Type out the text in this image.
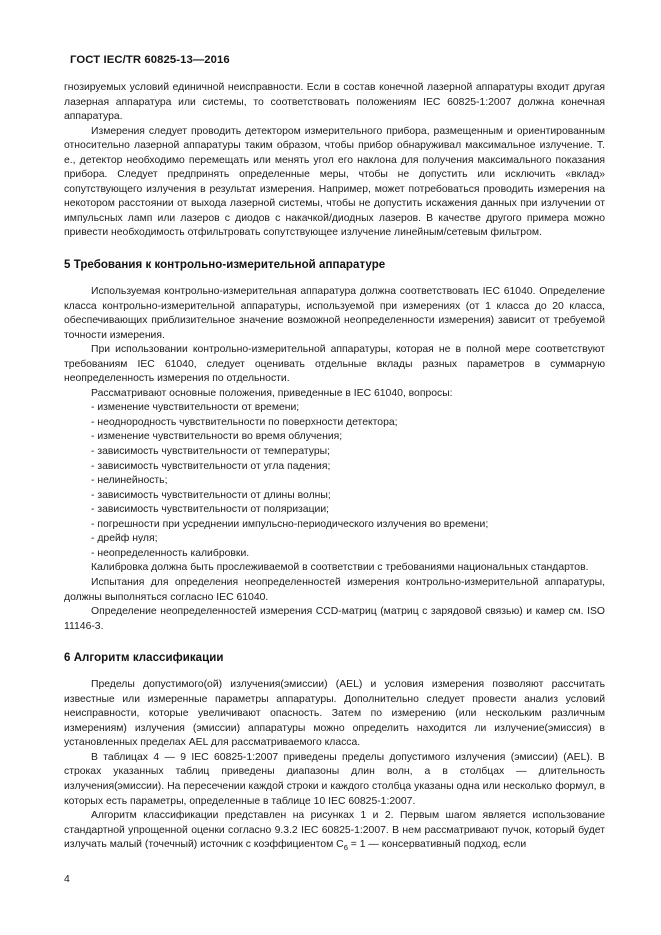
ГОСТ IEC/TR 60825-13—2016

гнозируемых условий единичной неисправности. Если в состав конечной лазерной аппаратуры входит другая лазерная аппаратура или системы, то соответствовать положениям IEC 60825-1:2007 должна конечная аппаратура.

Измерения следует проводить детектором измерительного прибора, размещенным и ориентированным относительно лазерной аппаратуры таким образом, чтобы прибор обнаруживал максимальное излучение. Т. е., детектор необходимо перемещать или менять угол его наклона для получения максимального показания прибора. Следует предпринять определенные меры, чтобы не допустить или исключить «вклад» сопутствующего излучения в результат измерения. Например, может потребоваться проводить измерения на некотором расстоянии от выхода лазерной системы, чтобы не допустить искажения данных при излучении от импульсных ламп или лазеров с диодов с накачкой/диодных лазеров. В качестве другого примера можно привести необходимость отфильтровать сопутствующее излучение линейным/сетевым фильтром.

5 Требования к контрольно-измерительной аппаратуре

Используемая контрольно-измерительная аппаратура должна соответствовать IEC 61040. Определение класса контрольно-измерительной аппаратуры, используемой при измерениях (от 1 класса до 20 класса, обеспечивающих приблизительное значение возможной неопределенности измерения) зависит от требуемой точности измерения.

При использовании контрольно-измерительной аппаратуры, которая не в полной мере соответствуют требованиям IEC 61040, следует оценивать отдельные вклады разных параметров в суммарную неопределенность измерения по отдельности.

Рассматривают основные положения, приведенные в IEC 61040, вопросы:

- изменение чувствительности от времени;
- неоднородность чувствительности по поверхности детектора;
- изменение чувствительности во время облучения;
- зависимость чувствительности от температуры;
- зависимость чувствительности от угла падения;
- нелинейность;
- зависимость чувствительности от длины волны;
- зависимость чувствительности от поляризации;
- погрешности при усреднении импульсно-периодического излучения во времени;
- дрейф нуля;
- неопределенность калибровки.

Калибровка должна быть прослеживаемой в соответствии с требованиями национальных стандартов.

Испытания для определения неопределенностей измерения контрольно-измерительной аппаратуры, должны выполняться согласно IEC 61040.

Определение неопределенностей измерения CCD-матриц (матриц с зарядовой связью) и камер см. ISO 11146-3.

6 Алгоритм классификации

Пределы допустимого(ой) излучения(эмиссии) (AEL) и условия измерения позволяют рассчитать известные или измеренные параметры аппаратуры. Дополнительно следует провести анализ условий неисправности, которые увеличивают опасность. Затем по измерению (или нескольким различным измерениям) излучения (эмиссии) аппаратуры можно определить находится ли излучение(эмиссия) в установленных пределах AEL для рассматриваемого класса.

В таблицах 4 — 9 IEC 60825-1:2007 приведены пределы допустимого излучения (эмиссии) (AEL). В строках указанных таблиц приведены диапазоны длин волн, а в столбцах — длительность излучения(эмиссии). На пересечении каждой строки и каждого столбца указаны одна или несколько формул, в которых есть параметры, определенные в таблице 10 IEC 60825-1:2007.

Алгоритм классификации представлен на рисунках 1 и 2. Первым шагом является использование стандартной упрощенной оценки согласно 9.3.2 IEC 60825-1:2007. В нем рассматривают пучок, который будет излучать малый (точечный) источник с коэффициентом $C_6 = 1$ — консервативный подход, если

4
